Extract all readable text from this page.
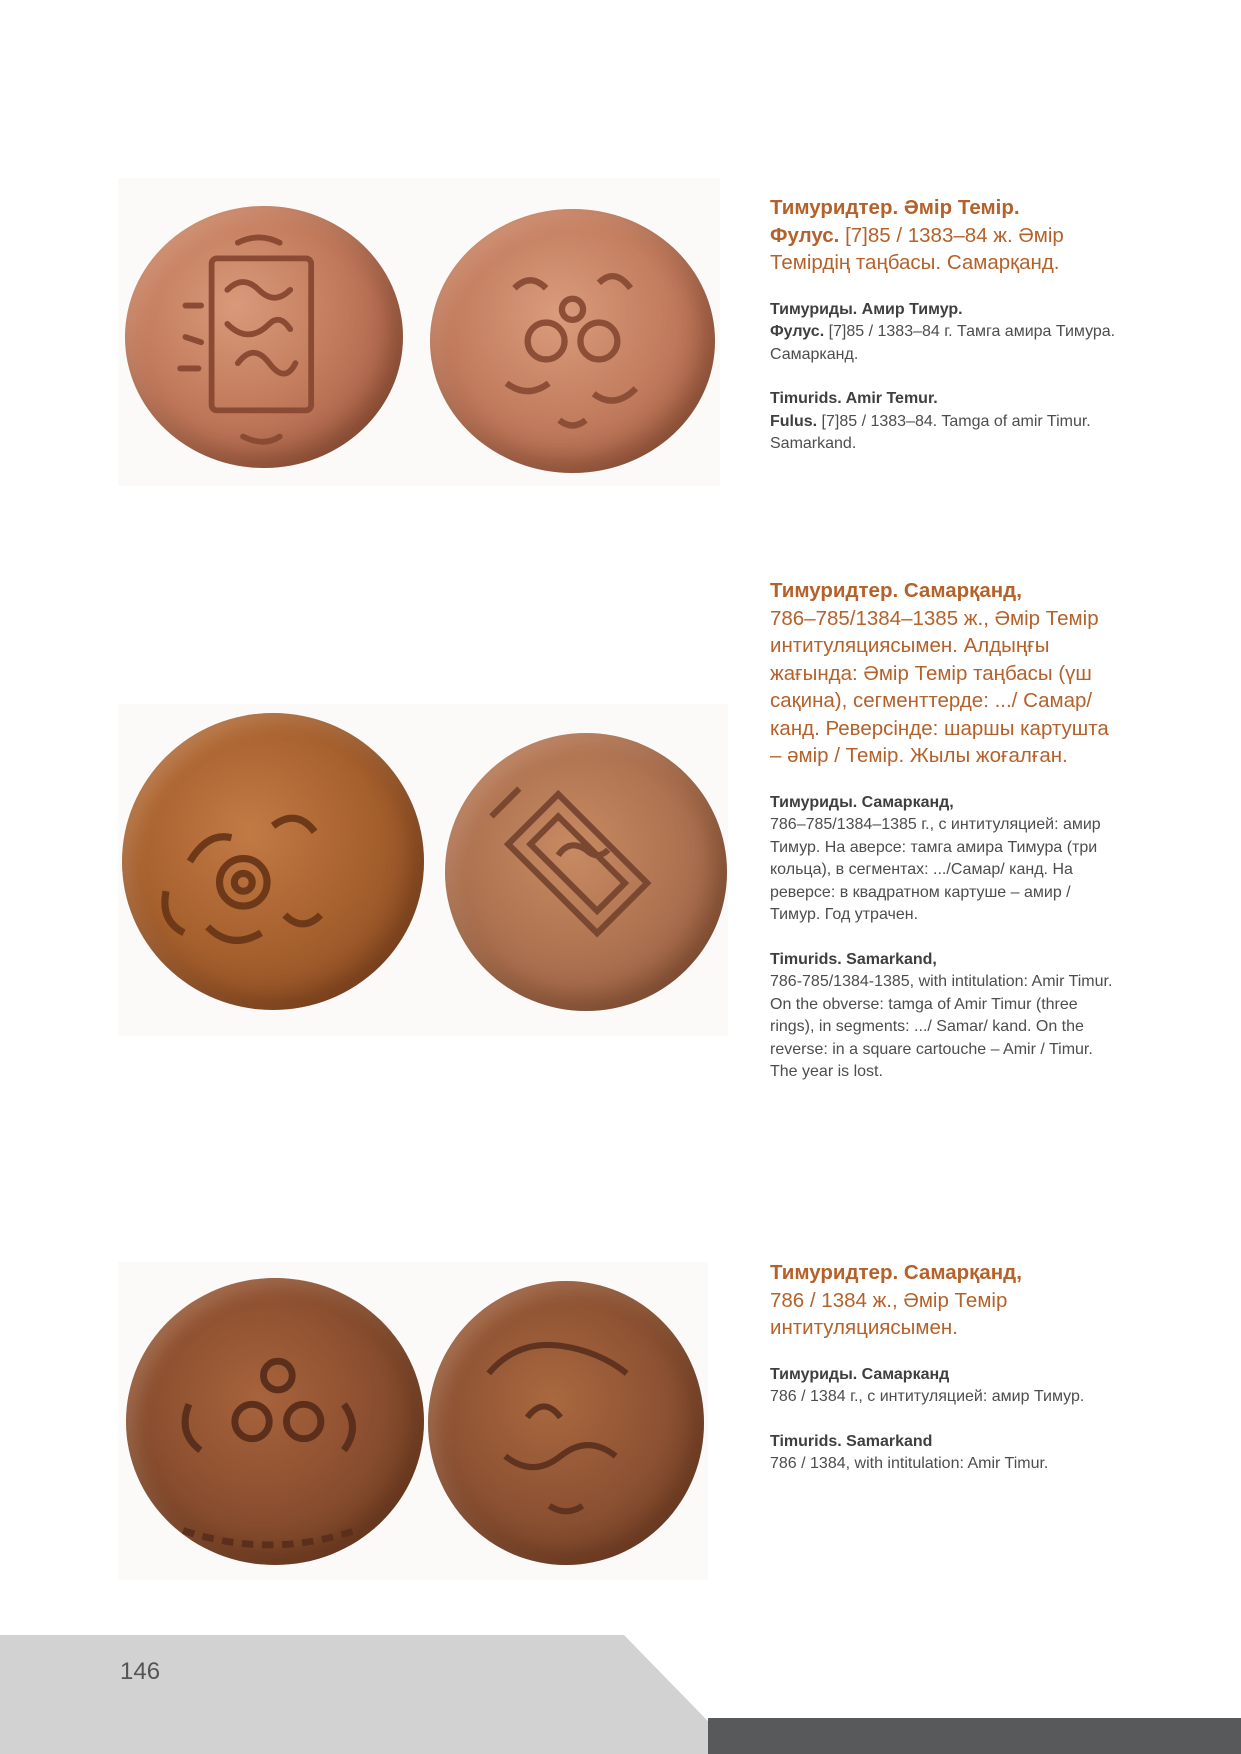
Тимуридтер. Әмір Темір.
Фулус. [7]85 / 1383–84 ж. Әмір Темірдің таңбасы. Самарқанд.

Тимуриды. Амир Тимур.
Фулус. [7]85 / 1383–84 г. Тамга амира Тимура. Самарканд.

Timurids. Amir Temur.
Fulus. [7]85 / 1383–84. Tamga of amir Timur. Samarkand.

Тимуридтер. Самарқанд,
786–785/1384–1385 ж., Әмір Темір интитуляциясымен. Алдыңғы жағында: Әмір Темір таңбасы (үш сақина), сегменттерде: .../ Самар/ канд. Реверсінде: шаршы картушта – әмір / Темір. Жылы жоғалған.

Тимуриды. Самарканд,
786–785/1384–1385 г., с интитуляцией: амир Тимур. На аверсе: тамга амира Тимура (три кольца), в сегментах: .../Самар/ канд. На реверсе: в квадратном картуше – амир / Тимур. Год утрачен.

Timurids. Samarkand,
786-785/1384-1385, with intitulation: Amir Timur. On the obverse: tamga of Amir Timur (three rings), in segments: .../ Samar/ kand. On the reverse: in a square cartouche – Amir / Timur. The year is lost.

Тимуридтер. Самарқанд,
786 / 1384 ж., Әмір Темір интитуляциясымен.

Тимуриды. Самарканд
786 / 1384 г., с интитуляцией: амир Тимур.

Timurids. Samarkand
786 / 1384, with intitulation: Amir Timur.

146
